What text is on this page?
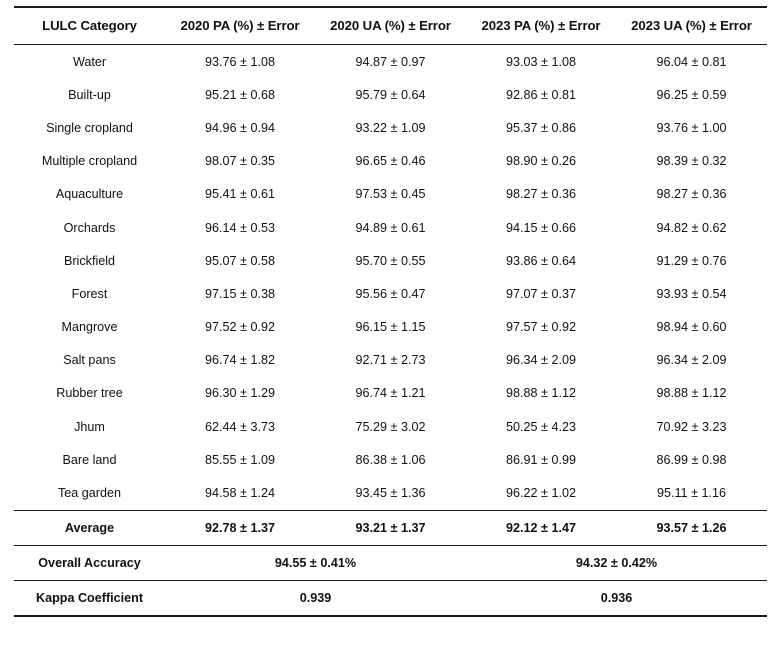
LULC Category	2020 PA (%) ± Error	2020 UA (%) ± Error	2023 PA (%) ± Error	2023 UA (%) ± Error
Water	93.76 ± 1.08	94.87 ± 0.97	93.03 ± 1.08	96.04 ± 0.81
Built-up	95.21 ± 0.68	95.79 ± 0.64	92.86 ± 0.81	96.25 ± 0.59
Single cropland	94.96 ± 0.94	93.22 ± 1.09	95.37 ± 0.86	93.76 ± 1.00
Multiple cropland	98.07 ± 0.35	96.65 ± 0.46	98.90 ± 0.26	98.39 ± 0.32
Aquaculture	95.41 ± 0.61	97.53 ± 0.45	98.27 ± 0.36	98.27 ± 0.36
Orchards	96.14 ± 0.53	94.89 ± 0.61	94.15 ± 0.66	94.82 ± 0.62
Brickfield	95.07 ± 0.58	95.70 ± 0.55	93.86 ± 0.64	91.29 ± 0.76
Forest	97.15 ± 0.38	95.56 ± 0.47	97.07 ± 0.37	93.93 ± 0.54
Mangrove	97.52 ± 0.92	96.15 ± 1.15	97.57 ± 0.92	98.94 ± 0.60
Salt pans	96.74 ± 1.82	92.71 ± 2.73	96.34 ± 2.09	96.34 ± 2.09
Rubber tree	96.30 ± 1.29	96.74 ± 1.21	98.88 ± 1.12	98.88 ± 1.12
Jhum	62.44 ± 3.73	75.29 ± 3.02	50.25 ± 4.23	70.92 ± 3.23
Bare land	85.55 ± 1.09	86.38 ± 1.06	86.91 ± 0.99	86.99 ± 0.98
Tea garden	94.58 ± 1.24	93.45 ± 1.36	96.22 ± 1.02	95.11 ± 1.16
Average	92.78 ± 1.37	93.21 ± 1.37	92.12 ± 1.47	93.57 ± 1.26
Overall Accuracy	94.55 ± 0.41%		94.32 ± 0.42%	
Kappa Coefficient	0.939		0.936	
